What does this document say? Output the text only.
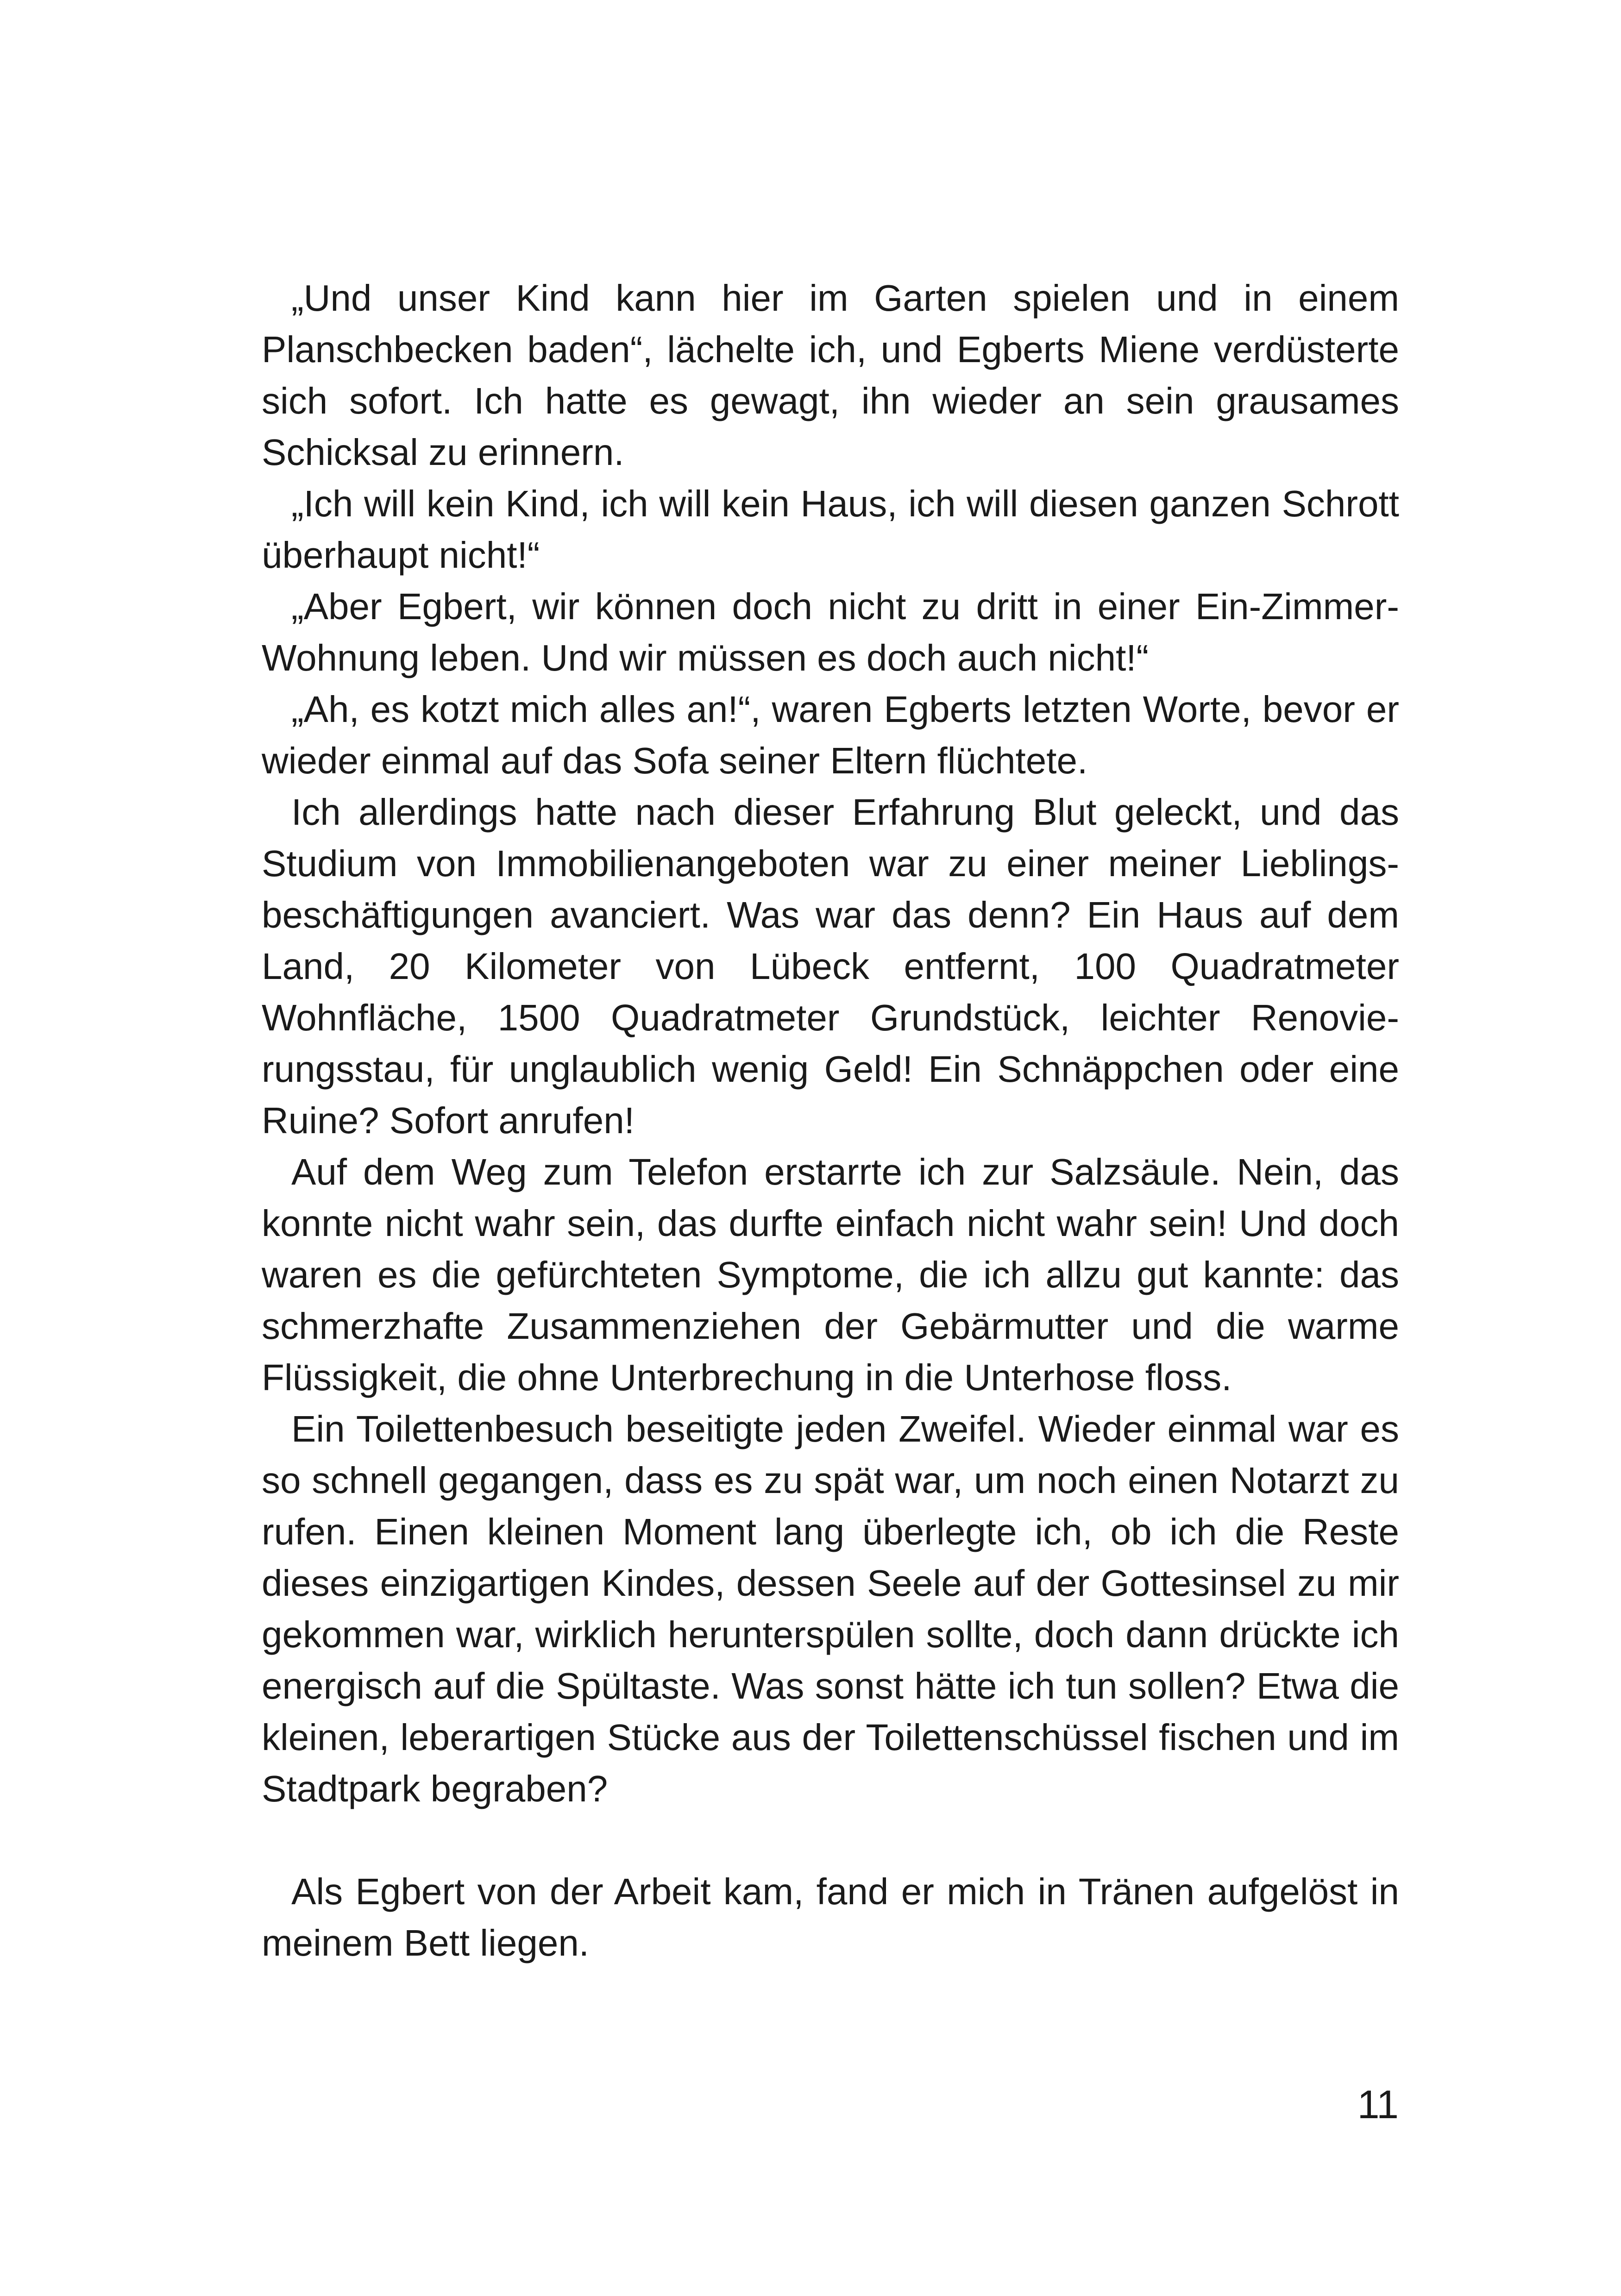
„Und unser Kind kann hier im Garten spielen und in einem Planschbecken baden“, lächelte ich, und Egberts Miene verdüsterte sich sofort. Ich hatte es gewagt, ihn wieder an sein grausames Schicksal zu erinnern.

„Ich will kein Kind, ich will kein Haus, ich will diesen ganzen Schrott überhaupt nicht!“

„Aber Egbert, wir können doch nicht zu dritt in einer Ein-Zimmer-Wohnung leben. Und wir müssen es doch auch nicht!“

„Ah, es kotzt mich alles an!“, waren Egberts letzten Worte, bevor er wieder einmal auf das Sofa seiner Eltern flüchtete.

Ich allerdings hatte nach dieser Erfahrung Blut geleckt, und das Studium von Immobilienangeboten war zu einer meiner Lieblingsbeschäftigungen avanciert. Was war das denn? Ein Haus auf dem Land, 20 Kilometer von Lübeck entfernt, 100 Quadratmeter Wohnfläche, 1500 Quadratmeter Grundstück, leichter Renovierungsstau, für unglaublich wenig Geld! Ein Schnäppchen oder eine Ruine? Sofort anrufen!

Auf dem Weg zum Telefon erstarrte ich zur Salzsäule. Nein, das konnte nicht wahr sein, das durfte einfach nicht wahr sein! Und doch waren es die gefürchteten Symptome, die ich allzu gut kannte: das schmerzhafte Zusammenziehen der Gebärmutter und die warme Flüssigkeit, die ohne Unterbrechung in die Unterhose floss.

Ein Toilettenbesuch beseitigte jeden Zweifel. Wieder einmal war es so schnell gegangen, dass es zu spät war, um noch einen Notarzt zu rufen. Einen kleinen Moment lang überlegte ich, ob ich die Reste dieses einzigartigen Kindes, dessen Seele auf der Gottesinsel zu mir gekommen war, wirklich herunterspülen sollte, doch dann drückte ich energisch auf die Spültaste. Was sonst hätte ich tun sollen? Etwa die kleinen, leberartigen Stücke aus der Toilettenschüssel fischen und im Stadtpark begraben?

Als Egbert von der Arbeit kam, fand er mich in Tränen aufgelöst in meinem Bett liegen.

11
